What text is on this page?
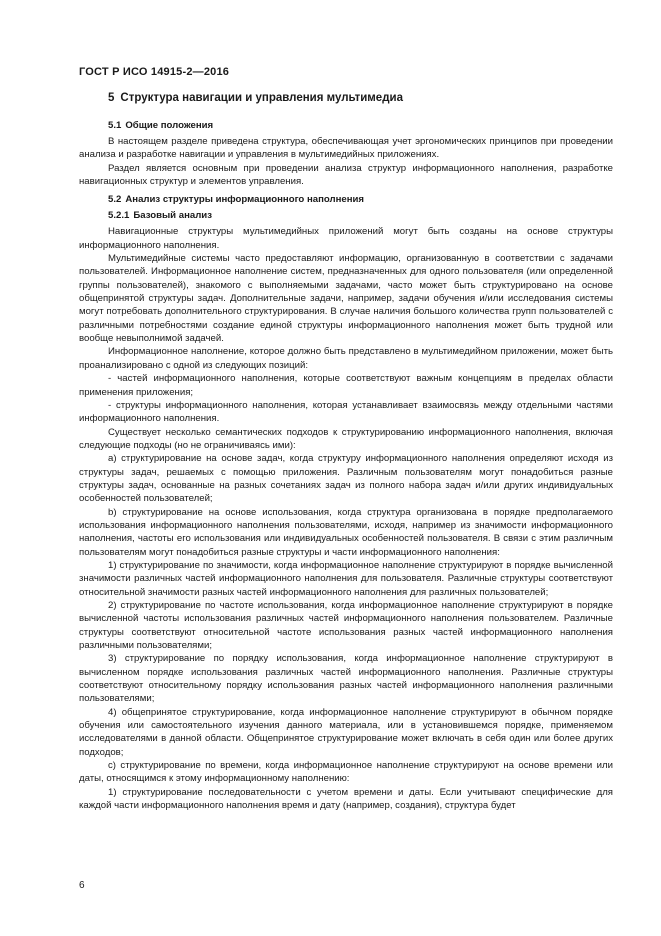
ГОСТ Р ИСО 14915-2—2016
5 Структура навигации и управления мультимедиа
5.1 Общие положения

В настоящем разделе приведена структура, обеспечивающая учет эргономических принципов при проведении анализа и разработке навигации и управления в мультимедийных приложениях.

Раздел является основным при проведении анализа структур информационного наполнения, разработке навигационных структур и элементов управления.

5.2 Анализ структуры информационного наполнения
5.2.1 Базовый анализ

Навигационные структуры мультимедийных приложений могут быть созданы на основе структуры информационного наполнения.

Мультимедийные системы часто предоставляют информацию, организованную в соответствии с задачами пользователей. Информационное наполнение систем, предназначенных для одного пользователя (или определенной группы пользователей), знакомого с выполняемыми задачами, часто может быть структурировано на основе общепринятой структуры задач. Дополнительные задачи, например, задачи обучения и/или исследования системы могут потребовать дополнительного структурирования. В случае наличия большого количества групп пользователей с различными потребностями создание единой структуры информационного наполнения может быть трудной или вообще невыполнимой задачей.

Информационное наполнение, которое должно быть представлено в мультимедийном приложении, может быть проанализировано с одной из следующих позиций:

- частей информационного наполнения, которые соответствуют важным концепциям в пределах области применения приложения;

- структуры информационного наполнения, которая устанавливает взаимосвязь между отдельными частями информационного наполнения.

Существует несколько семантических подходов к структурированию информационного наполнения, включая следующие подходы (но не ограничиваясь ими):

a) структурирование на основе задач, когда структуру информационного наполнения определяют исходя из структуры задач, решаемых с помощью приложения. Различным пользователям могут понадобиться разные структуры задач, основанные на разных сочетаниях задач из полного набора задач и/или других индивидуальных особенностей пользователей;

b) структурирование на основе использования, когда структура организована в порядке предполагаемого использования информационного наполнения пользователями, исходя, например из значимости информационного наполнения, частоты его использования или индивидуальных особенностей пользователя. В связи с этим различным пользователям могут понадобиться разные структуры и части информационного наполнения:

1) структурирование по значимости, когда информационное наполнение структурируют в порядке вычисленной значимости различных частей информационного наполнения для пользователя. Различные структуры соответствуют относительной значимости разных частей информационного наполнения для различных пользователей;

2) структурирование по частоте использования, когда информационное наполнение структурируют в порядке вычисленной частоты использования различных частей информационного наполнения пользователем. Различные структуры соответствуют относительной частоте использования разных частей информационного наполнения различными пользователями;

3) структурирование по порядку использования, когда информационное наполнение структурируют в вычисленном порядке использования различных частей информационного наполнения. Различные структуры соответствуют относительному порядку использования разных частей информационного наполнения различными пользователями;

4) общепринятое структурирование, когда информационное наполнение структурируют в обычном порядке обучения или самостоятельного изучения данного материала, или в установившемся порядке, применяемом исследователями в данной области. Общепринятое структурирование может включать в себя один или более других подходов;

c) структурирование по времени, когда информационное наполнение структурируют на основе времени или даты, относящимся к этому информационному наполнению:

1) структурирование последовательности с учетом времени и даты. Если учитывают специфические для каждой части информационного наполнения время и дату (например, создания), структура будет

6
